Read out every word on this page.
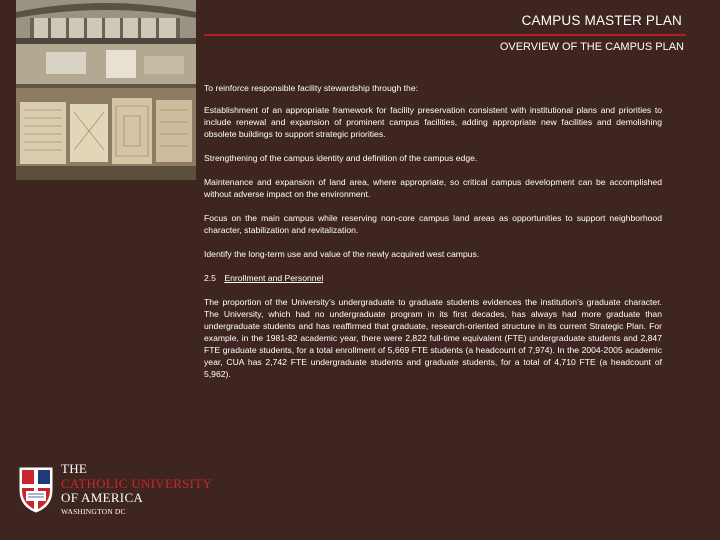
CAMPUS MASTER PLAN
OVERVIEW OF THE CAMPUS PLAN

To reinforce responsible facility stewardship through the:

Establishment of an appropriate framework for facility preservation consistent with institutional plans and priorities to include renewal and expansion of prominent campus facilities, adding appropriate new facilities and demolishing obsolete buildings to support strategic priorities.

Strengthening of the campus identity and definition of the campus edge.

Maintenance and expansion of land area, where appropriate, so critical campus development can be accomplished without adverse impact on the environment.

Focus on the main campus while reserving non-core campus land areas as opportunities to support neighborhood character, stabilization and revitalization.

Identify the long-term use and value of the newly acquired west campus.

2.5 Enrollment and Personnel

The proportion of the University’s undergraduate to graduate students evidences the institution’s graduate character. The University, which had no undergraduate program in its first decades, has always had more graduate than undergraduate students and has reaffirmed that graduate, research-oriented structure in its current Strategic Plan. For example, in the 1981-82 academic year, there were 2,822 full-time equivalent (FTE) undergraduate students and 2,847 FTE graduate students, for a total enrollment of 5,669 FTE students (a headcount of 7,974). In the 2004-2005 academic year, CUA has 2,742 FTE undergraduate students and graduate students, for a total of 4,710 FTE (a headcount of 5,962).

THE
CATHOLIC UNIVERSITY
OF AMERICA
WASHINGTON DC
